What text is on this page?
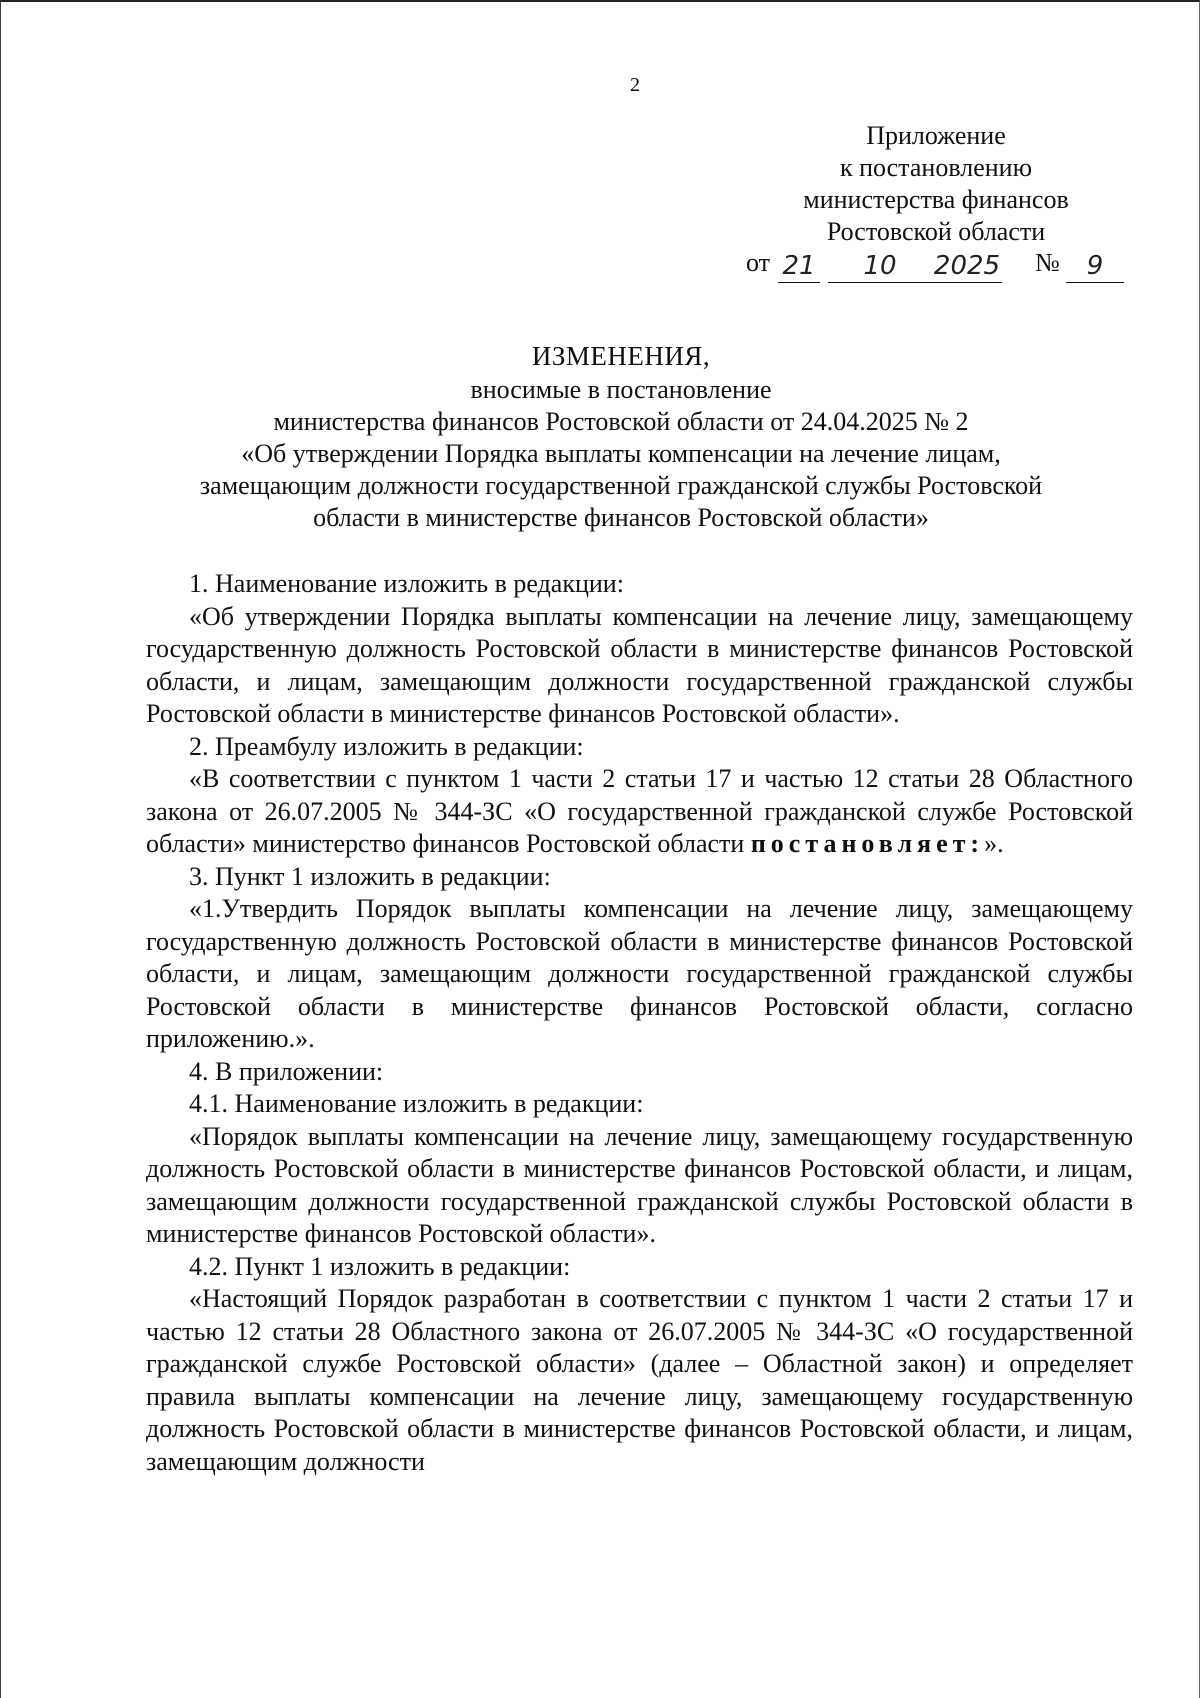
2
Приложение
к постановлению
министерства финансов
Ростовской области
от 21	10	2025 №	9
ИЗМЕНЕНИЯ,
вносимые в постановление
министерства финансов Ростовской области от 24.04.2025 № 2
«Об утверждении Порядка выплаты компенсации на лечение лицам,
замещающим должности государственной гражданской службы Ростовской
области в министерстве финансов Ростовской области»

1. Наименование изложить в редакции:

«Об утверждении Порядка выплаты компенсации на лечение лицу, замещающему государственную должность Ростовской области в министерстве финансов Ростовской области, и лицам, замещающим должности государственной гражданской службы Ростовской области в министерстве финансов Ростовской области».

2. Преамбулу изложить в редакции:

«В соответствии с пунктом 1 части 2 статьи 17 и частью 12 статьи 28 Областного закона от 26.07.2005 № 344-ЗС «О государственной гражданской службе Ростовской области» министерство финансов Ростовской области постановляет:».

3. Пункт 1 изложить в редакции:

«1.Утвердить Порядок выплаты компенсации на лечение лицу, замещающему государственную должность Ростовской области в министерстве финансов Ростовской области, и лицам, замещающим должности государственной гражданской службы Ростовской области в министерстве финансов Ростовской области, согласно приложению.».

4. В приложении:

4.1. Наименование изложить в редакции:

«Порядок выплаты компенсации на лечение лицу, замещающему государственную должность Ростовской области в министерстве финансов Ростовской области, и лицам, замещающим должности государственной гражданской службы Ростовской области в министерстве финансов Ростовской области».

4.2. Пункт 1 изложить в редакции:

«Настоящий Порядок разработан в соответствии с пунктом 1 части 2 статьи 17 и частью 12 статьи 28 Областного закона от 26.07.2005 № 344-ЗС «О государственной гражданской службе Ростовской области» (далее – Областной закон) и определяет правила выплаты компенсации на лечение лицу, замещающему государственную должность Ростовской области в министерстве финансов Ростовской области, и лицам, замещающим должности
